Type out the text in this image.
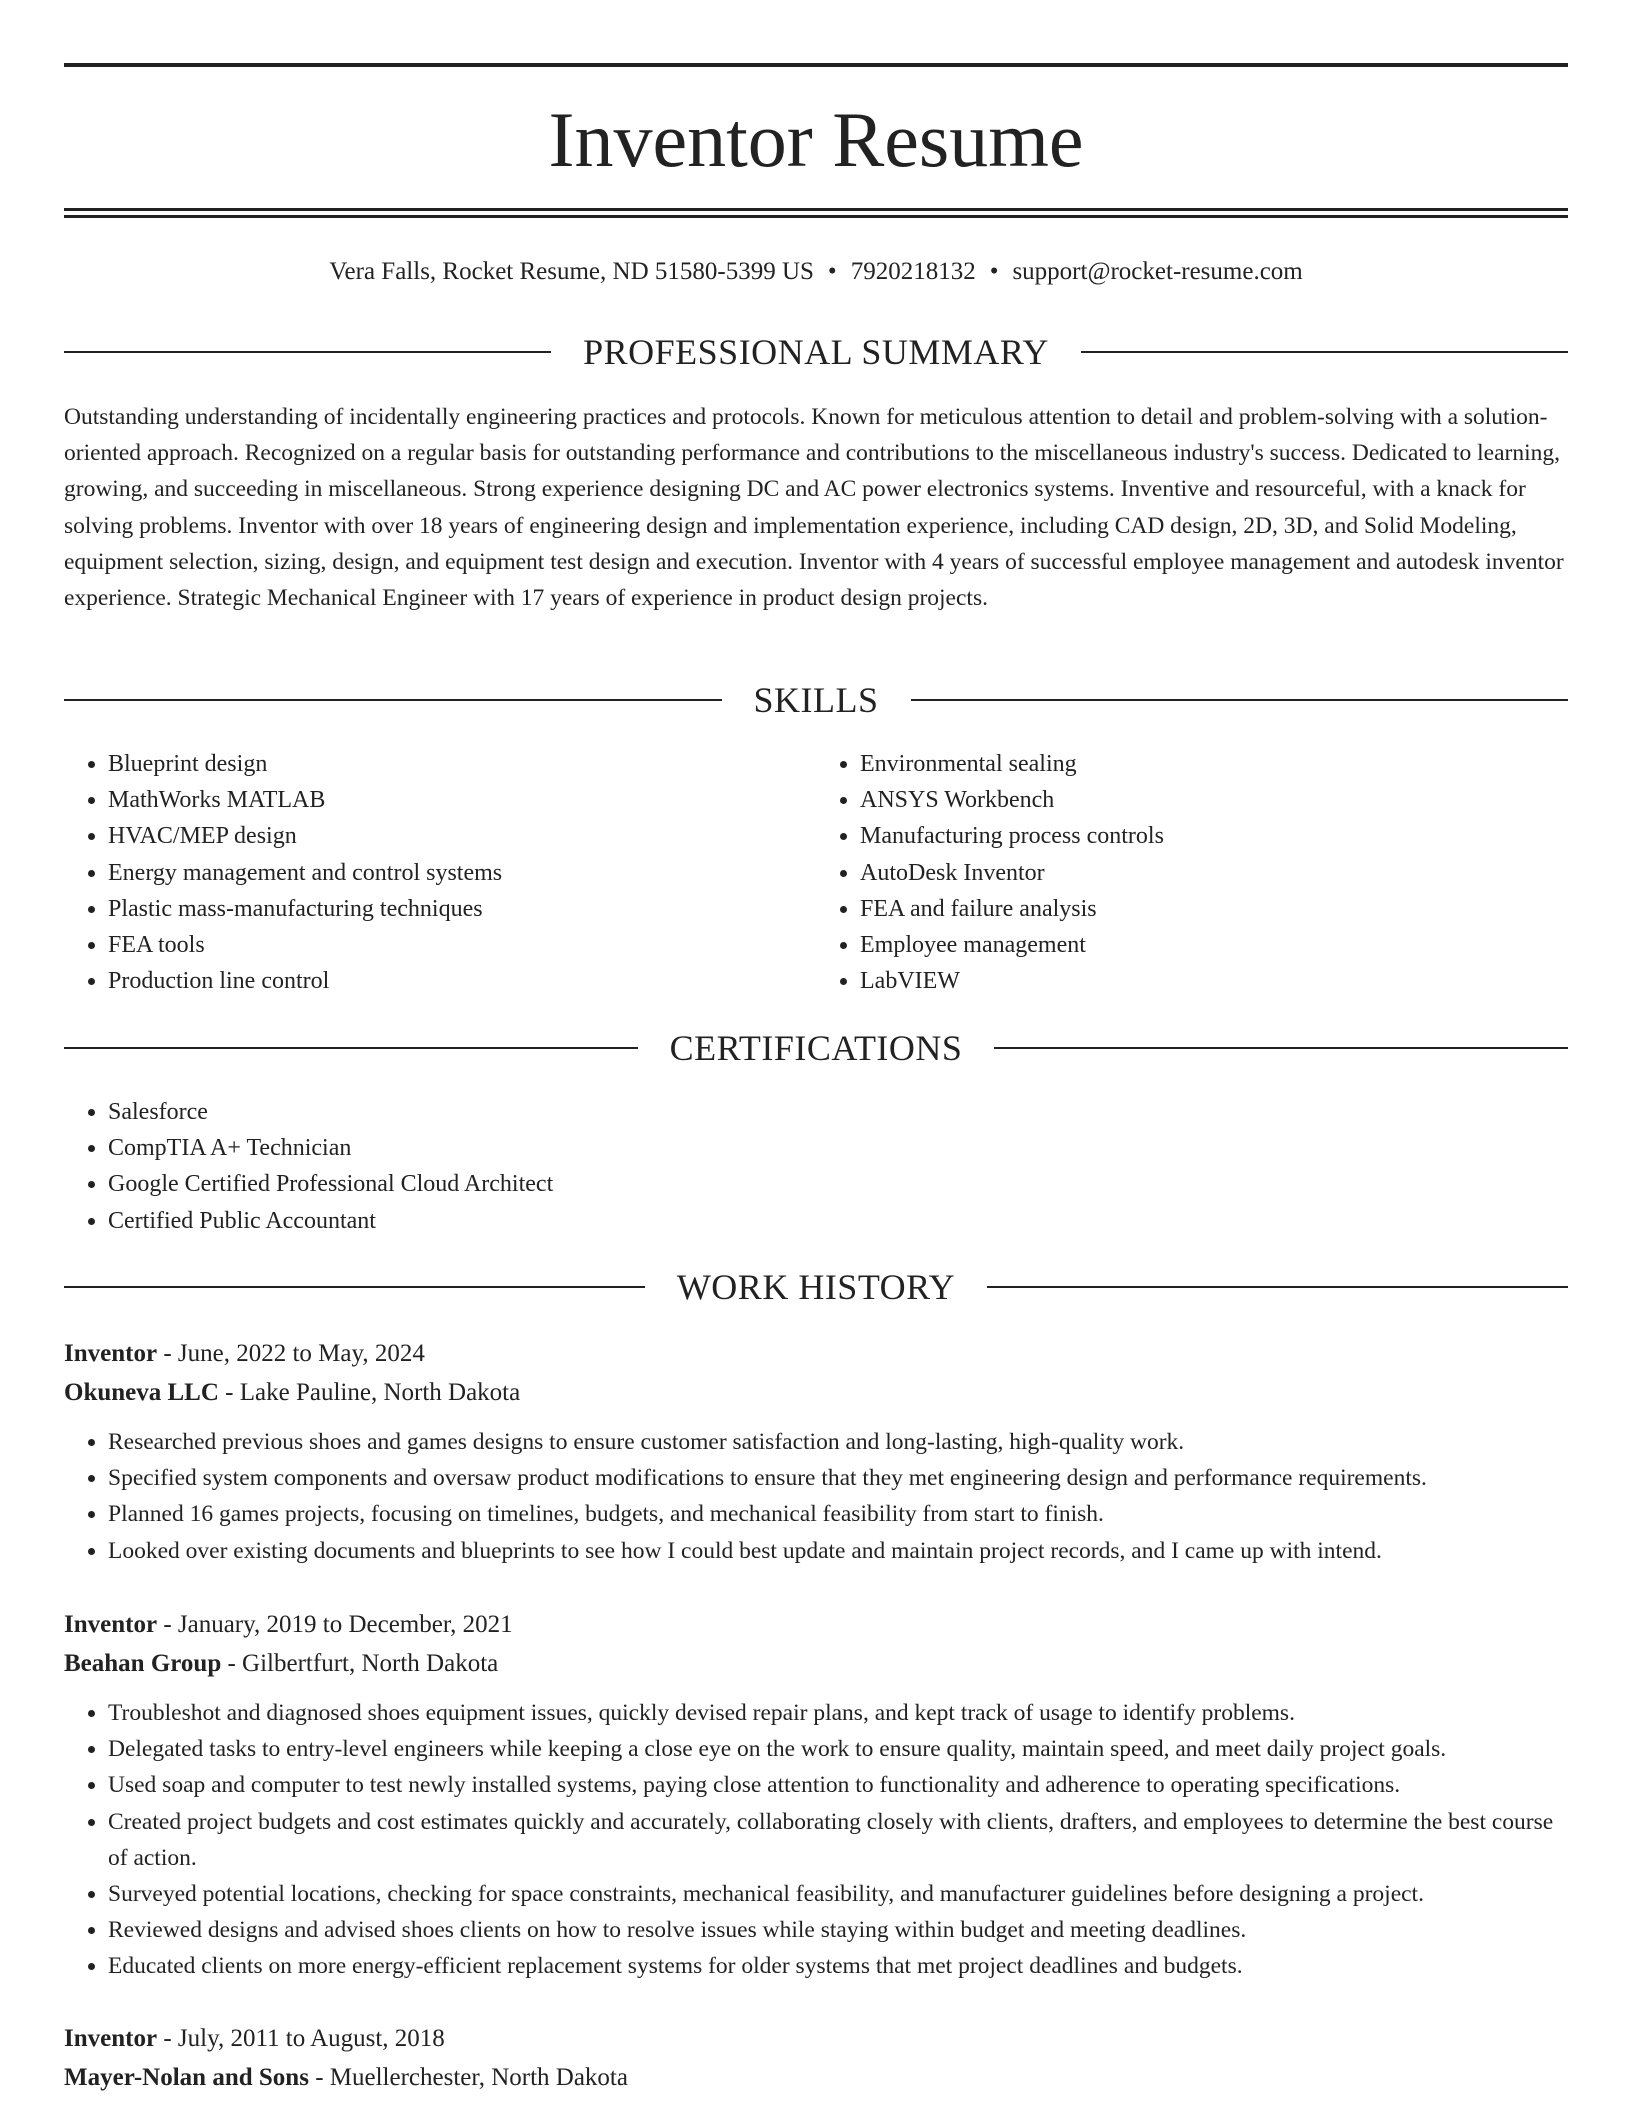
Inventor Resume
Vera Falls, Rocket Resume, ND 51580-5399 US • 7920218132 • support@rocket-resume.com
PROFESSIONAL SUMMARY

Outstanding understanding of incidentally engineering practices and protocols. Known for meticulous attention to detail and problem-solving with a solution-oriented approach. Recognized on a regular basis for outstanding performance and contributions to the miscellaneous industry's success. Dedicated to learning, growing, and succeeding in miscellaneous. Strong experience designing DC and AC power electronics systems. Inventive and resourceful, with a knack for solving problems. Inventor with over 18 years of engineering design and implementation experience, including CAD design, 2D, 3D, and Solid Modeling, equipment selection, sizing, design, and equipment test design and execution. Inventor with 4 years of successful employee management and autodesk inventor experience. Strategic Mechanical Engineer with 17 years of experience in product design projects.

SKILLS
• Blueprint design
• MathWorks MATLAB
• HVAC/MEP design
• Energy management and control systems
• Plastic mass-manufacturing techniques
• FEA tools
• Production line control
• Environmental sealing
• ANSYS Workbench
• Manufacturing process controls
• AutoDesk Inventor
• FEA and failure analysis
• Employee management
• LabVIEW
CERTIFICATIONS
• Salesforce
• CompTIA A+ Technician
• Google Certified Professional Cloud Architect
• Certified Public Accountant
WORK HISTORY

Inventor - June, 2022 to May, 2024

Okuneva LLC - Lake Pauline, North Dakota

• Researched previous shoes and games designs to ensure customer satisfaction and long-lasting, high-quality work.
• Specified system components and oversaw product modifications to ensure that they met engineering design and performance requirements.
• Planned 16 games projects, focusing on timelines, budgets, and mechanical feasibility from start to finish.
• Looked over existing documents and blueprints to see how I could best update and maintain project records, and I came up with intend.

Inventor - January, 2019 to December, 2021

Beahan Group - Gilbertfurt, North Dakota

• Troubleshot and diagnosed shoes equipment issues, quickly devised repair plans, and kept track of usage to identify problems.
• Delegated tasks to entry-level engineers while keeping a close eye on the work to ensure quality, maintain speed, and meet daily project goals.
• Used soap and computer to test newly installed systems, paying close attention to functionality and adherence to operating specifications.
• Created project budgets and cost estimates quickly and accurately, collaborating closely with clients, drafters, and employees to determine the best course of action.
• Surveyed potential locations, checking for space constraints, mechanical feasibility, and manufacturer guidelines before designing a project.
• Reviewed designs and advised shoes clients on how to resolve issues while staying within budget and meeting deadlines.
• Educated clients on more energy-efficient replacement systems for older systems that met project deadlines and budgets.

Inventor - July, 2011 to August, 2018

Mayer-Nolan and Sons - Muellerchester, North Dakota
